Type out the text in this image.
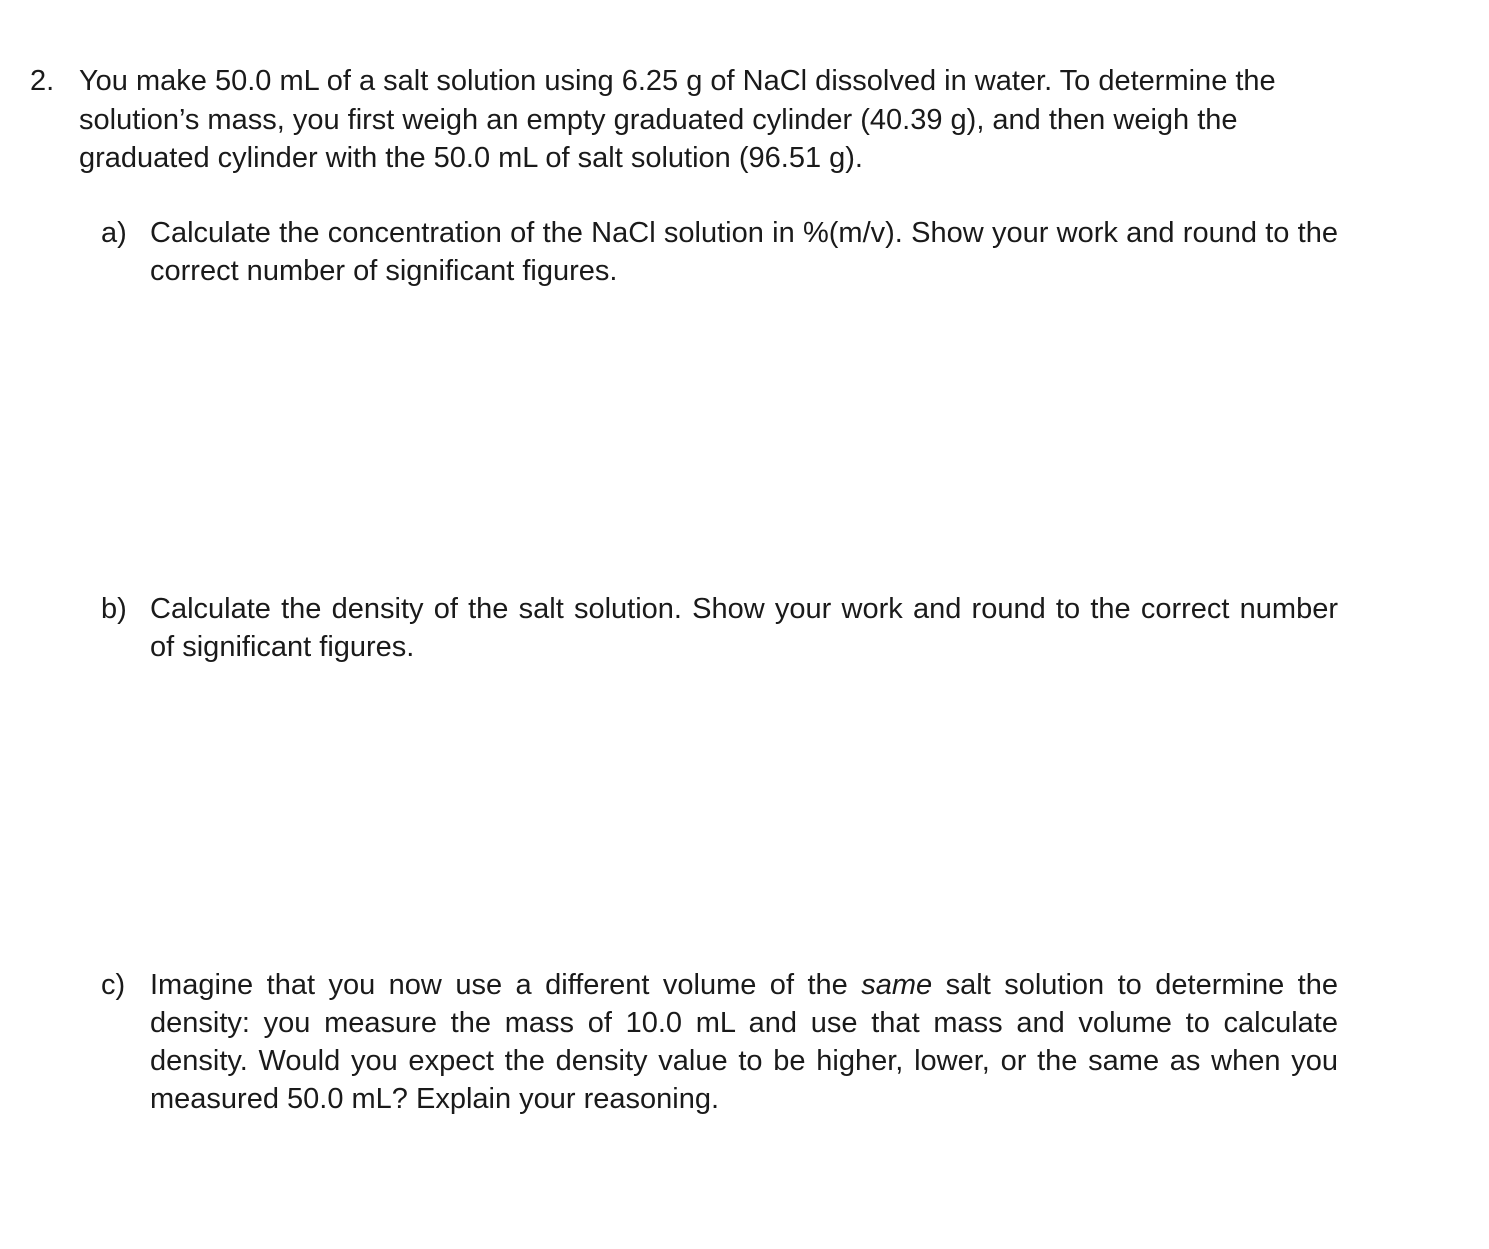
2. You make 50.0 mL of a salt solution using 6.25 g of NaCl dissolved in water. To determine the solution’s mass, you first weigh an empty graduated cylinder (40.39 g), and then weigh the graduated cylinder with the 50.0 mL of salt solution (96.51 g).
a) Calculate the concentration of the NaCl solution in %(m/v). Show your work and round to the correct number of significant figures.
b) Calculate the density of the salt solution. Show your work and round to the correct number of significant figures.
c) Imagine that you now use a different volume of the same salt solution to determine the density: you measure the mass of 10.0 mL and use that mass and volume to calculate density. Would you expect the density value to be higher, lower, or the same as when you measured 50.0 mL? Explain your reasoning.
